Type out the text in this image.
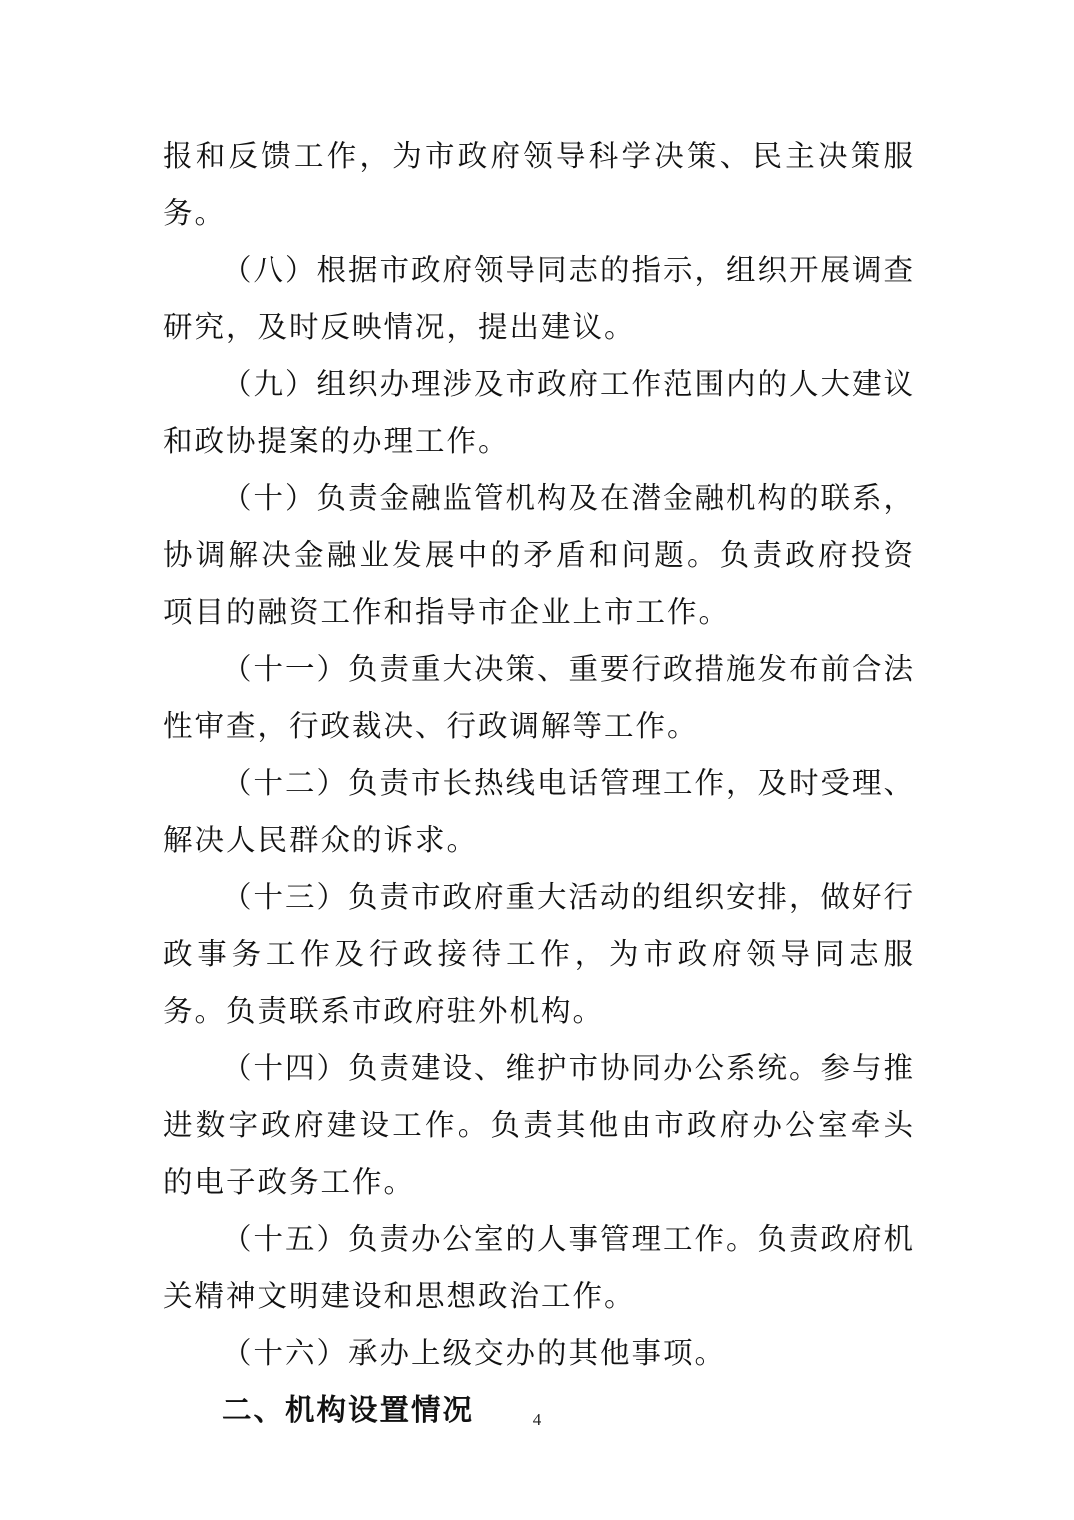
报和反馈工作，为市政府领导科学决策、民主决策服务。

（八）根据市政府领导同志的指示，组织开展调查研究，及时反映情况，提出建议。

（九）组织办理涉及市政府工作范围内的人大建议和政协提案的办理工作。

（十）负责金融监管机构及在潜金融机构的联系，协调解决金融业发展中的矛盾和问题。负责政府投资项目的融资工作和指导市企业上市工作。

（十一）负责重大决策、重要行政措施发布前合法性审查，行政裁决、行政调解等工作。

（十二）负责市长热线电话管理工作，及时受理、解决人民群众的诉求。

（十三）负责市政府重大活动的组织安排，做好行政事务工作及行政接待工作，为市政府领导同志服务。负责联系市政府驻外机构。

（十四）负责建设、维护市协同办公系统。参与推进数字政府建设工作。负责其他由市政府办公室牵头的电子政务工作。

（十五）负责办公室的人事管理工作。负责政府机关精神文明建设和思想政治工作。

（十六）承办上级交办的其他事项。

二、机构设置情况	4
